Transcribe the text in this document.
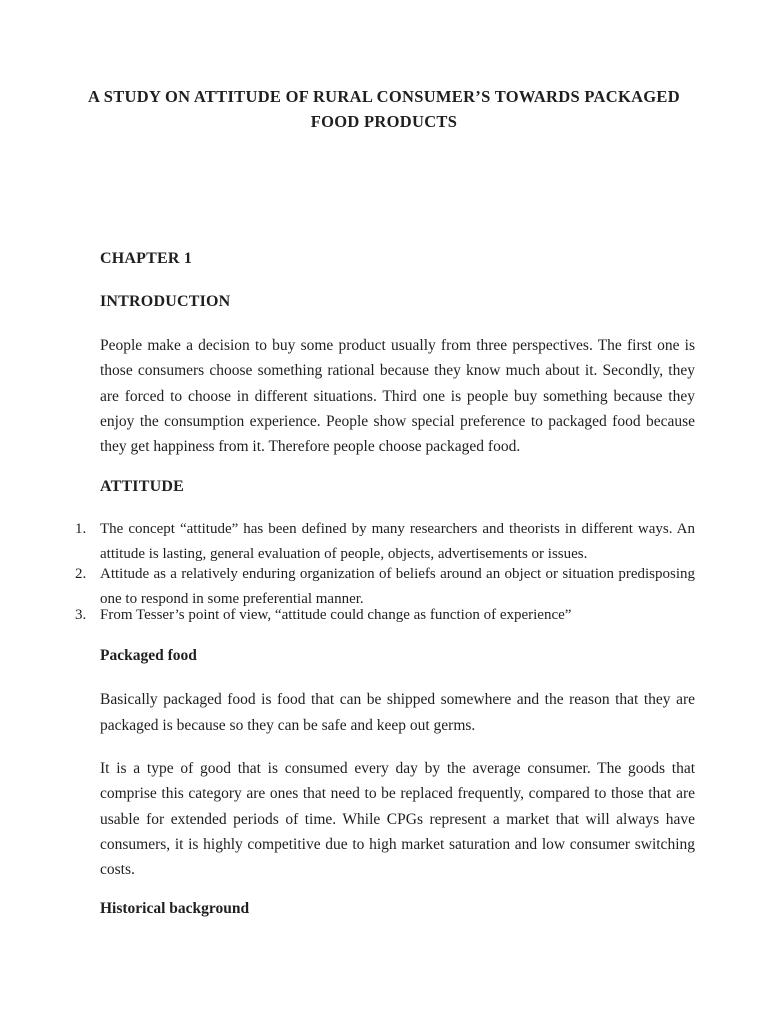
A STUDY ON ATTITUDE OF RURAL CONSUMER’S TOWARDS PACKAGED FOOD PRODUCTS
CHAPTER 1
INTRODUCTION
People make a decision to buy some product usually from three perspectives. The first one is those consumers choose something rational because they know much about it. Secondly, they are forced to choose in different situations. Third one is people buy something because they enjoy the consumption experience. People show special preference to packaged food because they get happiness from it. Therefore people choose packaged food.
ATTITUDE
1. The concept “attitude” has been defined by many researchers and theorists in different ways. An attitude is lasting, general evaluation of people, objects, advertisements or issues.
2. Attitude as a relatively enduring organization of beliefs around an object or situation predisposing one to respond in some preferential manner.
3. From Tesser’s point of view, “attitude could change as function of experience”
Packaged food
Basically packaged food is food that can be shipped somewhere and the reason that they are packaged is because so they can be safe and keep out germs.
It is a type of good that is consumed every day by the average consumer. The goods that comprise this category are ones that need to be replaced frequently, compared to those that are usable for extended periods of time. While CPGs represent a market that will always have consumers, it is highly competitive due to high market saturation and low consumer switching costs.
Historical background
